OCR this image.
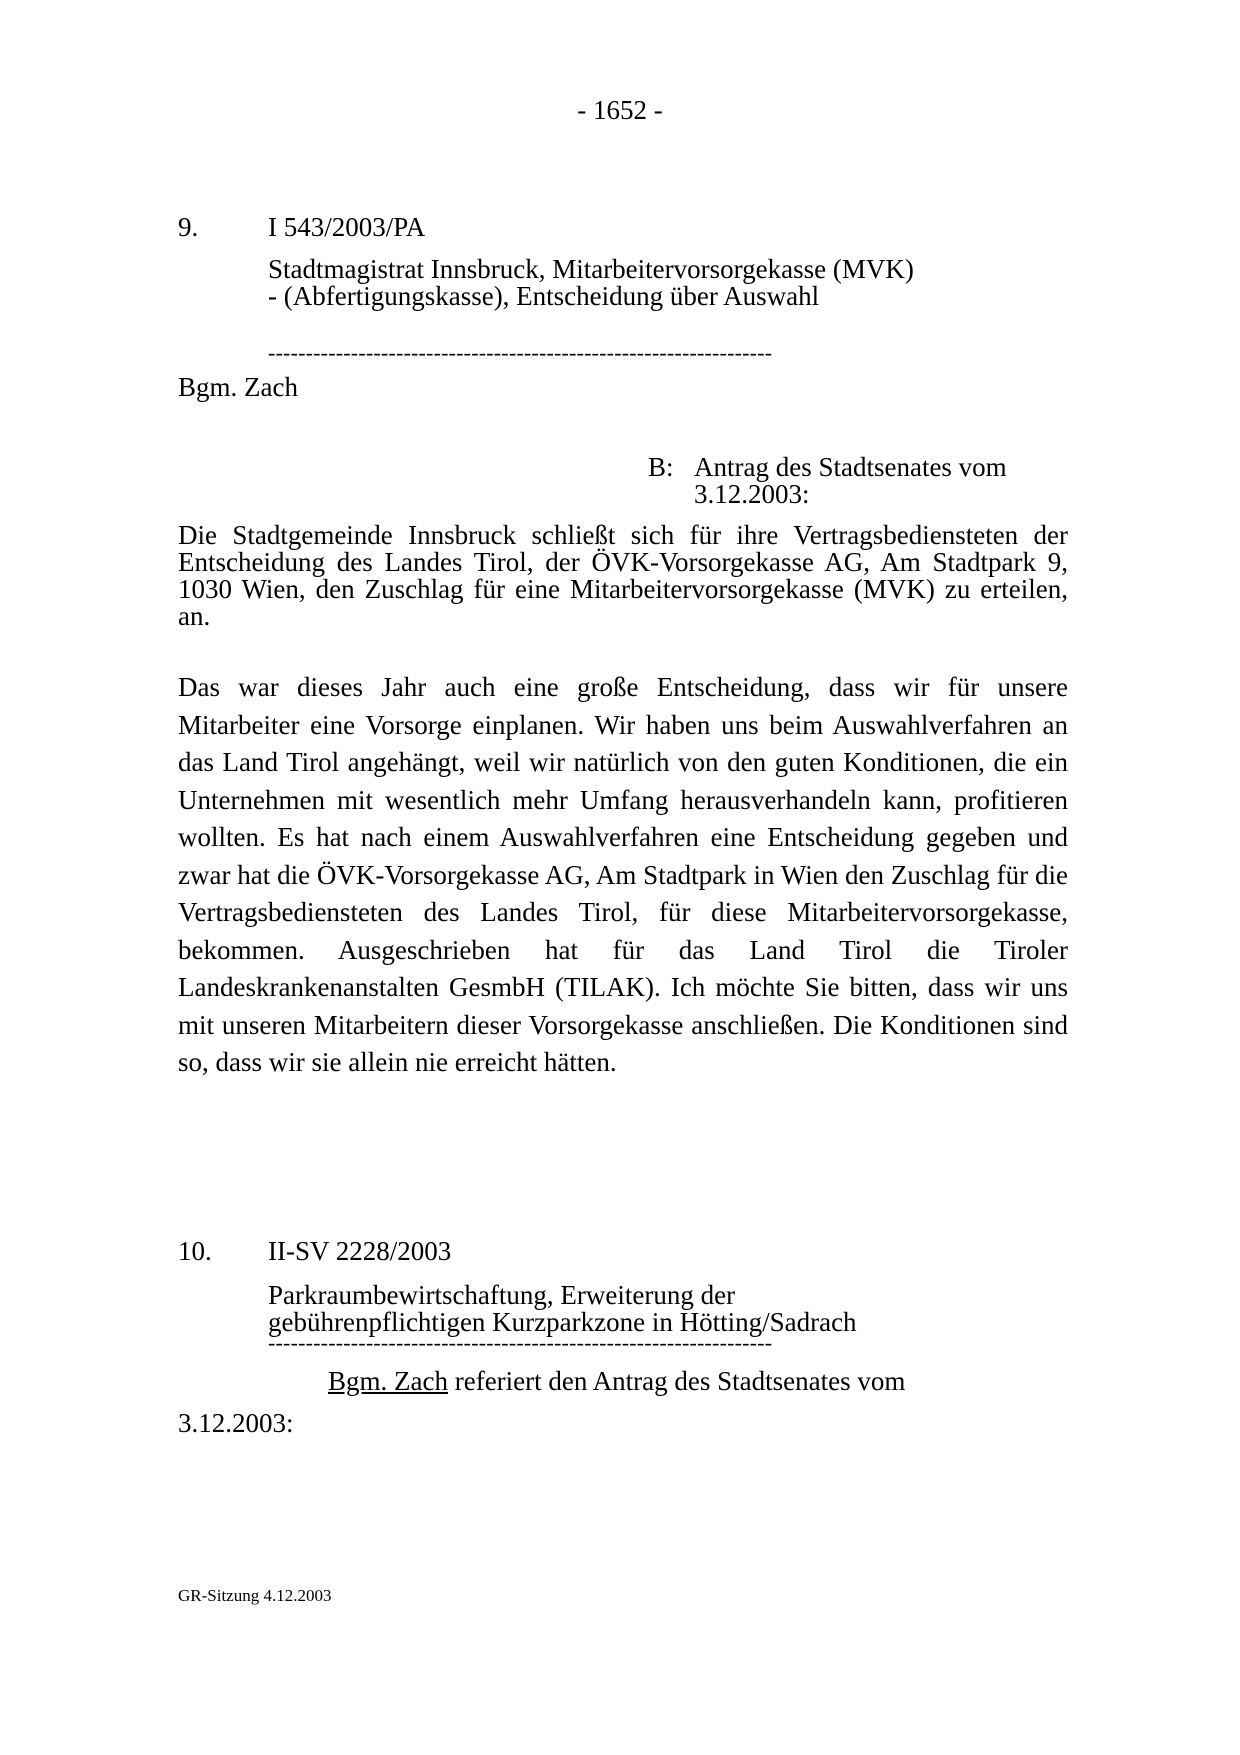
- 1652 -
9.	I 543/2003/PA
Stadtmagistrat Innsbruck, Mitarbeitervorsorgekasse (MVK) - (Abfertigungskasse), Entscheidung über Auswahl
-------------------------------------------------------------------
Bgm. Zach
B: Antrag des Stadtsenates vom 3.12.2003:
Die Stadtgemeinde Innsbruck schließt sich für ihre Vertragsbediensteten der Entscheidung des Landes Tirol, der ÖVK-Vorsorgekasse AG, Am Stadtpark 9, 1030 Wien, den Zuschlag für eine Mitarbeitervorsorgekasse (MVK) zu erteilen, an.
Das war dieses Jahr auch eine große Entscheidung, dass wir für unsere Mitarbeiter eine Vorsorge einplanen. Wir haben uns beim Auswahlverfahren an das Land Tirol angehängt, weil wir natürlich von den guten Konditionen, die ein Unternehmen mit wesentlich mehr Umfang herausverhandeln kann, profitieren wollten. Es hat nach einem Auswahlverfahren eine Entscheidung gegeben und zwar hat die ÖVK-Vorsorgekasse AG, Am Stadtpark in Wien den Zuschlag für die Vertragsbediensteten des Landes Tirol, für diese Mitarbeitervorsorgekasse, bekommen. Ausgeschrieben hat für das Land Tirol die Tiroler Landeskrankenanstalten GesmbH (TILAK). Ich möchte Sie bitten, dass wir uns mit unseren Mitarbeitern dieser Vorsorgekasse anschließen. Die Konditionen sind so, dass wir sie allein nie erreicht hätten.
10. II-SV 2228/2003
Parkraumbewirtschaftung, Erweiterung der gebührenpflichtigen Kurzparkzone in Hötting/Sadrach
-------------------------------------------------------------------
Bgm. Zach referiert den Antrag des Stadtsenates vom
3.12.2003:
GR-Sitzung 4.12.2003
